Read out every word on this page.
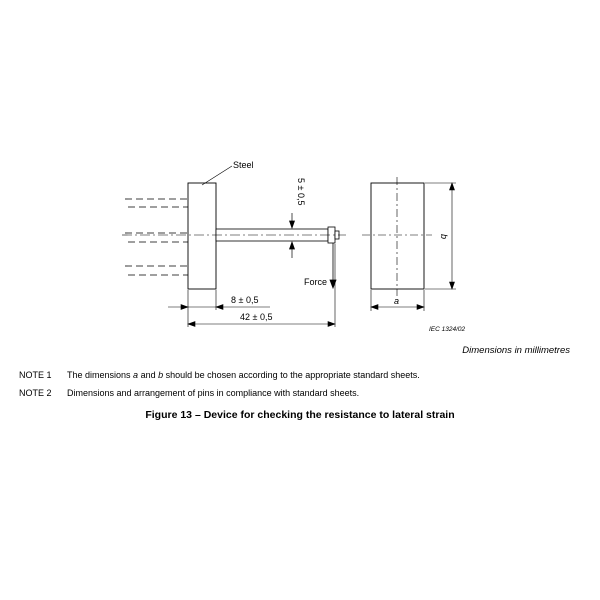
Steel
5 ± 0,5
Force
8 ± 0,5
42 ± 0,5
b
a
IEC 1324/02
Dimensions in millimetres
NOTE 1 The dimensions a and b should be chosen according to the appropriate standard sheets.
NOTE 2 Dimensions and arrangement of pins in compliance with standard sheets.
Figure 13 – Device for checking the resistance to lateral strain
